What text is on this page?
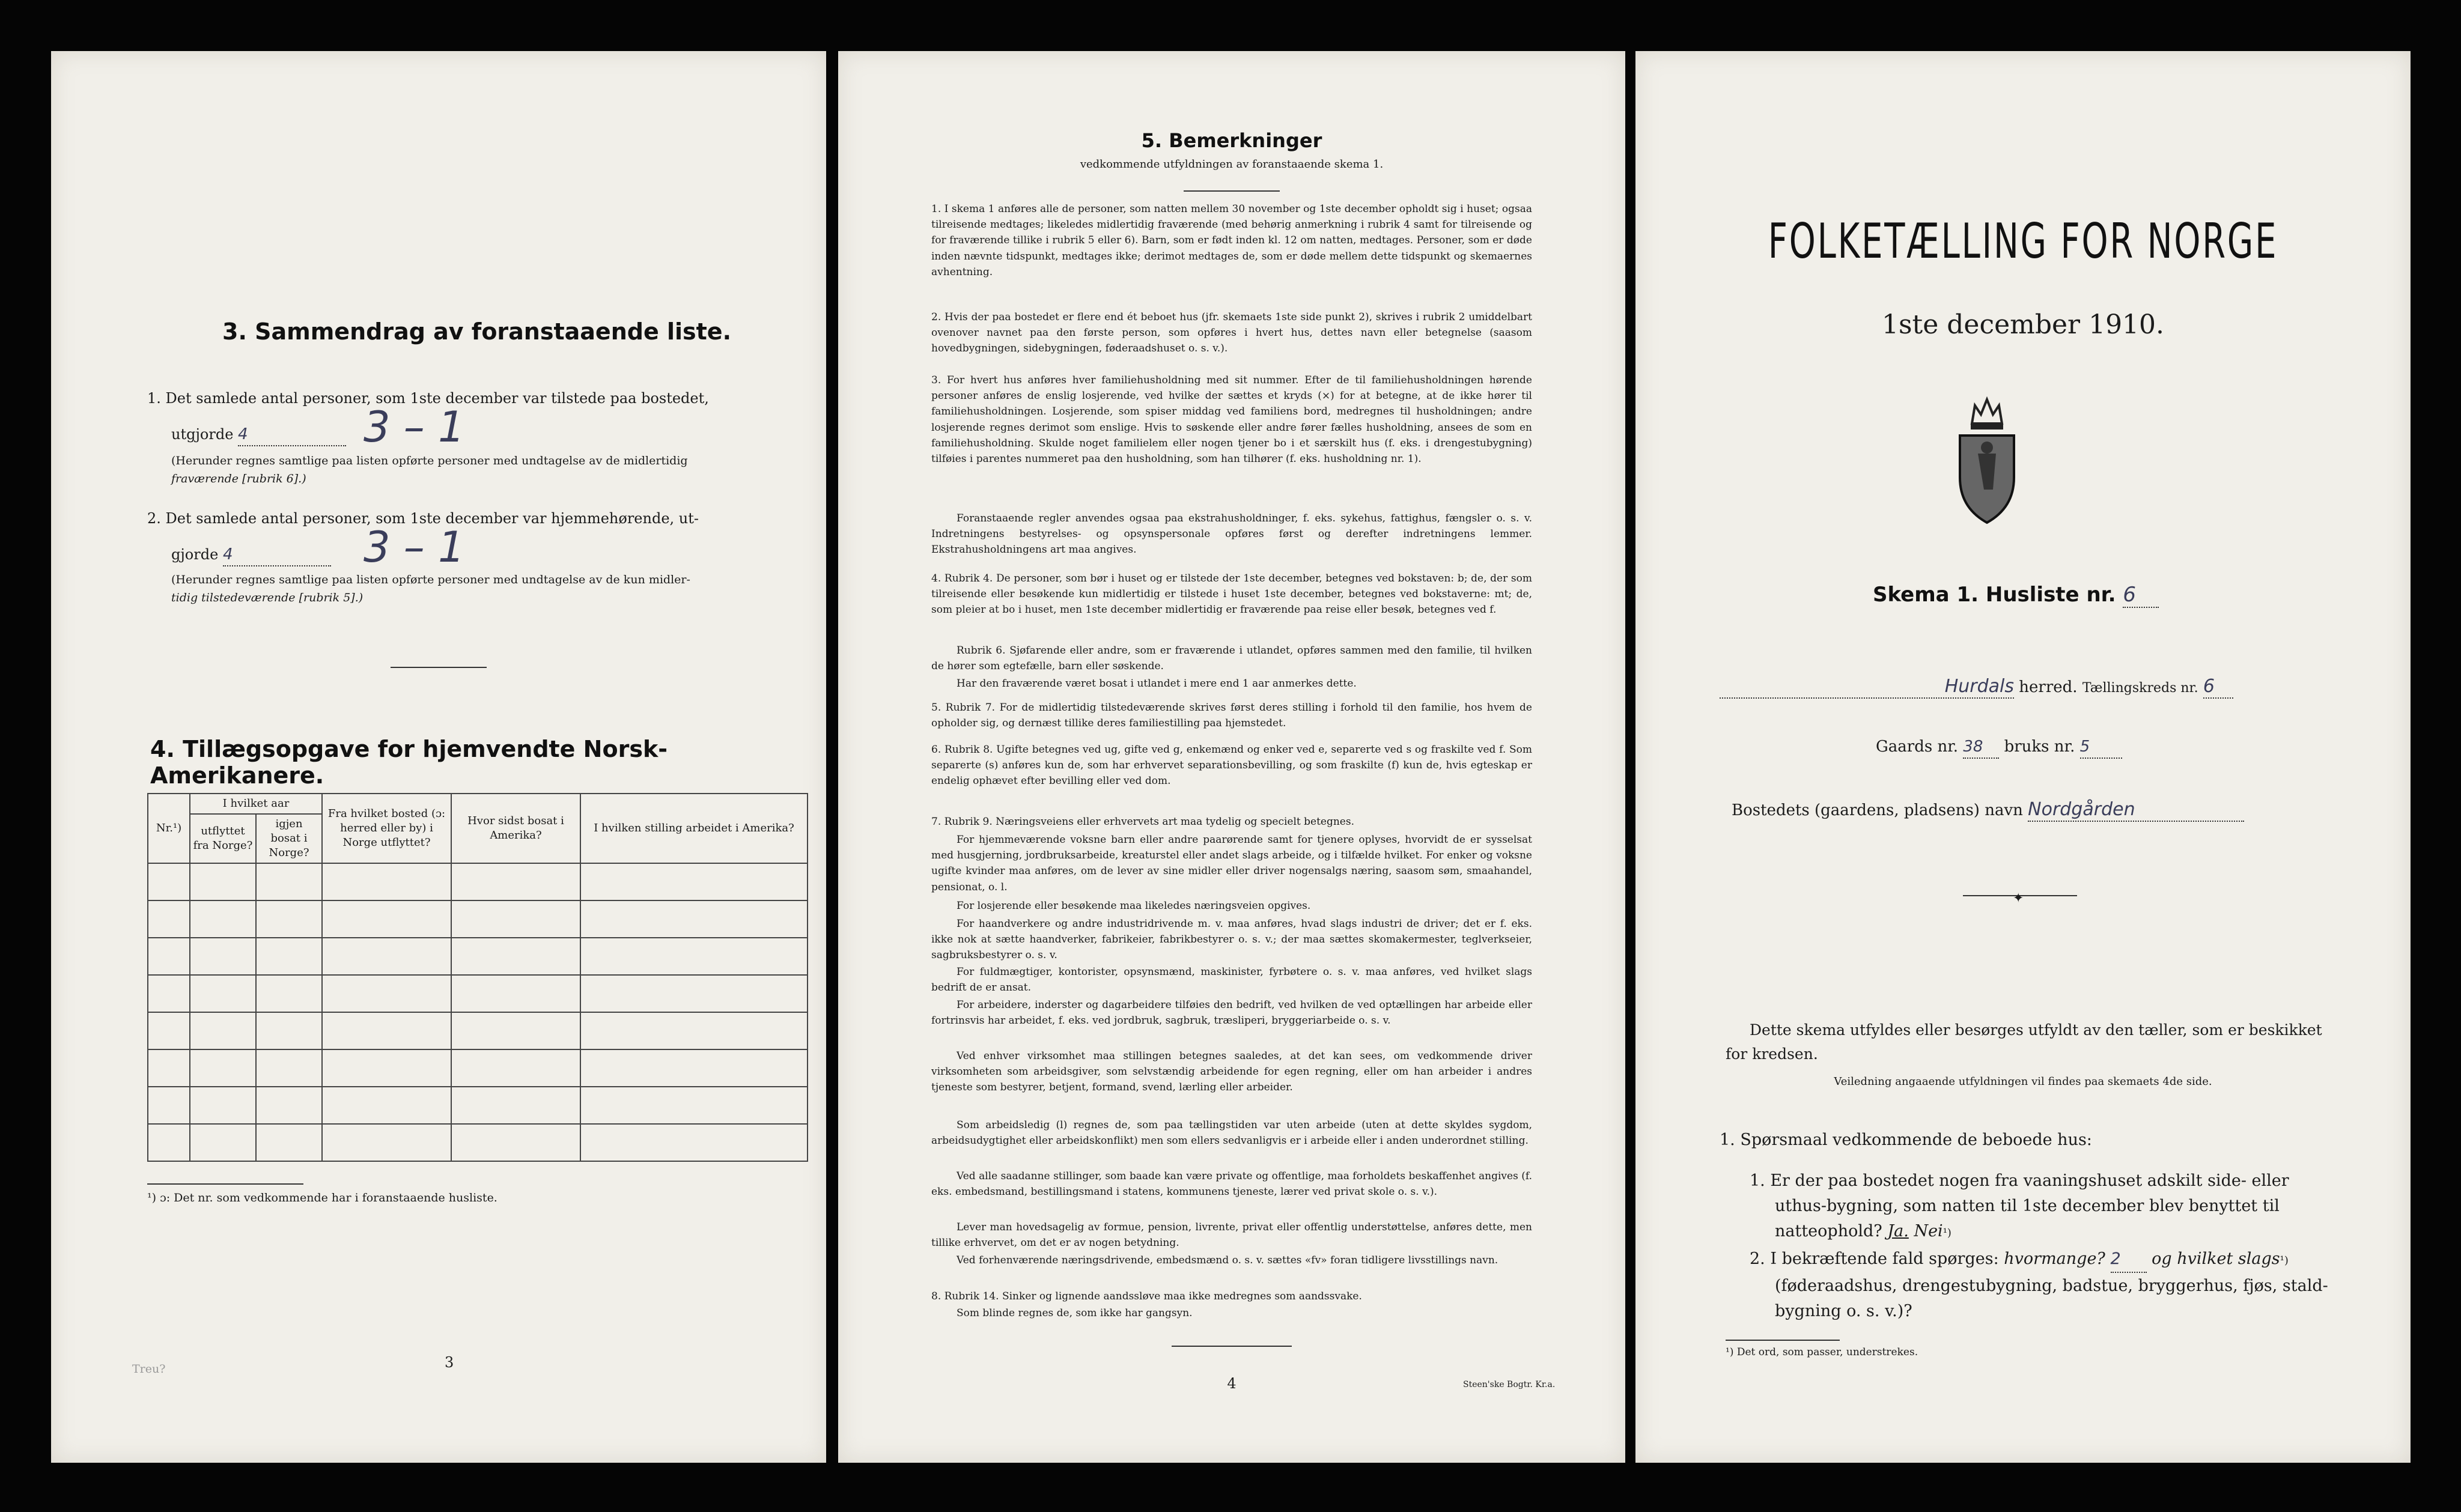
3. Sammendrag av foranstaaende liste.
1. Det samlede antal personer, som 1ste december var tilstede paa bostedet,
utgjorde 4	3 – 1
(Herunder regnes samtlige paa listen opførte personer med undtagelse av de midlertidig
fraværende [rubrik 6].)
2. Det samlede antal personer, som 1ste december var hjemmehørende, ut-
gjorde 4	3 – 1
(Herunder regnes samtlige paa listen opførte personer med undtagelse av de kun midler-
tidig tilstedeværende [rubrik 5].)
4. Tillægsopgave for hjemvendte Norsk-Amerikanere.
Nr.¹)	I hvilket aar		Fra hvilket bosted (ɔ: herred eller by) i Norge utflyttet?	Hvor sidst bosat i Amerika?	I hvilken stilling arbeidet i Amerika?
	utflyttet fra Norge?	igjen bosat i Norge?			

¹) ɔ: Det nr. som vedkommende har i foranstaaende husliste.
3
Treu?
5. Bemerkninger
vedkommende utfyldningen av foranstaaende skema 1.
1. I skema 1 anføres alle de personer, som natten mellem 30 november og 1ste december opholdt sig i huset; ogsaa tilreisende medtages; likeledes midlertidig fraværende (med behørig anmerkning i rubrik 4 samt for tilreisende og for fraværende tillike i rubrik 5 eller 6). Barn, som er født inden kl. 12 om natten, medtages. Personer, som er døde inden nævnte tidspunkt, medtages ikke; derimot medtages de, som er døde mellem dette tidspunkt og skemaernes avhentning.
2. Hvis der paa bostedet er flere end ét beboet hus (jfr. skemaets 1ste side punkt 2), skrives i rubrik 2 umiddelbart ovenover navnet paa den første person, som opføres i hvert hus, dettes navn eller betegnelse (saasom hovedbygningen, sidebygningen, føderaadshuset o. s. v.).
3. For hvert hus anføres hver familiehusholdning med sit nummer. Efter de til familiehusholdningen hørende personer anføres de enslig losjerende, ved hvilke der sættes et kryds (×) for at betegne, at de ikke hører til familiehusholdningen. Losjerende, som spiser middag ved familiens bord, medregnes til husholdningen; andre losjerende regnes derimot som enslige. Hvis to søskende eller andre fører fælles husholdning, ansees de som en familiehusholdning. Skulde noget familielem eller nogen tjener bo i et særskilt hus (f. eks. i drengestubygning) tilføies i parentes nummeret paa den husholdning, som han tilhører (f. eks. husholdning nr. 1).
Foranstaaende regler anvendes ogsaa paa ekstrahusholdninger, f. eks. sykehus, fattighus, fængsler o. s. v. Indretningens bestyrelses- og opsynspersonale opføres først og derefter indretningens lemmer. Ekstrahusholdningens art maa angives.
4. Rubrik 4. De personer, som bør i huset og er tilstede der 1ste december, betegnes ved bokstaven: b; de, der som tilreisende eller besøkende kun midlertidig er tilstede i huset 1ste december, betegnes ved bokstaverne: mt; de, som pleier at bo i huset, men 1ste december midlertidig er fraværende paa reise eller besøk, betegnes ved f.
Rubrik 6. Sjøfarende eller andre, som er fraværende i utlandet, opføres sammen med den familie, til hvilken de hører som egtefælle, barn eller søskende.
Har den fraværende været bosat i utlandet i mere end 1 aar anmerkes dette.
5. Rubrik 7. For de midlertidig tilstedeværende skrives først deres stilling i forhold til den familie, hos hvem de opholder sig, og dernæst tillike deres familiestilling paa hjemstedet.
6. Rubrik 8. Ugifte betegnes ved ug, gifte ved g, enkemænd og enker ved e, separerte ved s og fraskilte ved f. Som separerte (s) anføres kun de, som har erhvervet separationsbevilling, og som fraskilte (f) kun de, hvis egteskap er endelig ophævet efter bevilling eller ved dom.
7. Rubrik 9. Næringsveiens eller erhvervets art maa tydelig og specielt betegnes.
For hjemmeværende voksne barn eller andre paarørende samt for tjenere oplyses, hvorvidt de er sysselsat med husgjerning, jordbruksarbeide, kreaturstel eller andet slags arbeide, og i tilfælde hvilket. For enker og voksne ugifte kvinder maa anføres, om de lever av sine midler eller driver nogensalgs næring, saasom søm, smaahandel, pensionat, o. l.
For losjerende eller besøkende maa likeledes næringsveien opgives.
For haandverkere og andre industridrivende m. v. maa anføres, hvad slags industri de driver; det er f. eks. ikke nok at sætte haandverker, fabrikeier, fabrikbestyrer o. s. v.; der maa sættes skomakermester, teglverkseier, sagbruksbestyrer o. s. v.
For fuldmægtiger, kontorister, opsynsmænd, maskinister, fyrbøtere o. s. v. maa anføres, ved hvilket slags bedrift de er ansat.
For arbeidere, inderster og dagarbeidere tilføies den bedrift, ved hvilken de ved optællingen har arbeide eller fortrinsvis har arbeidet, f. eks. ved jordbruk, sagbruk, træsliperi, bryggeriarbeide o. s. v.
Ved enhver virksomhet maa stillingen betegnes saaledes, at det kan sees, om vedkommende driver virksomheten som arbeidsgiver, som selvstændig arbeidende for egen regning, eller om han arbeider i andres tjeneste som bestyrer, betjent, formand, svend, lærling eller arbeider.
Som arbeidsledig (l) regnes de, som paa tællingstiden var uten arbeide (uten at dette skyldes sygdom, arbeidsudygtighet eller arbeidskonflikt) men som ellers sedvanligvis er i arbeide eller i anden underordnet stilling.
Ved alle saadanne stillinger, som baade kan være private og offentlige, maa forholdets beskaffenhet angives (f. eks. embedsmand, bestillingsmand i statens, kommunens tjeneste, lærer ved privat skole o. s. v.).
Lever man hovedsagelig av formue, pension, livrente, privat eller offentlig understøttelse, anføres dette, men tillike erhvervet, om det er av nogen betydning.
Ved forhenværende næringsdrivende, embedsmænd o. s. v. sættes «fv» foran tidligere livsstillings navn.
8. Rubrik 14. Sinker og lignende aandssløve maa ikke medregnes som aandssvake.
Som blinde regnes de, som ikke har gangsyn.
4	Steen'ske Bogtr. Kr.a.
FOLKETÆLLING FOR NORGE
1ste december 1910.
Skema 1. Husliste nr. 6
Hurdals herred. Tællingskreds nr. 6
Gaards nr. 38 bruks nr. 5
Bostedets (gaardens, pladsens) navn Nordgården
✦
Dette skema utfyldes eller besørges utfyldt av den tæller, som er beskikket for kredsen.
Veiledning angaaende utfyldningen vil findes paa skemaets 4de side.
1. Spørsmaal vedkommende de beboede hus:
1. Er der paa bostedet nogen fra vaaningshuset adskilt side- eller
uthus-bygning, som natten til 1ste december blev benyttet til
natteophold? Ja. Nei¹)
2. I bekræftende fald spørges: hvormange? 2 og hvilket slags¹)
(føderaadshus, drengestubygning, badstue, bryggerhus, fjøs, stald-
bygning o. s. v.)?
¹) Det ord, som passer, understrekes.
